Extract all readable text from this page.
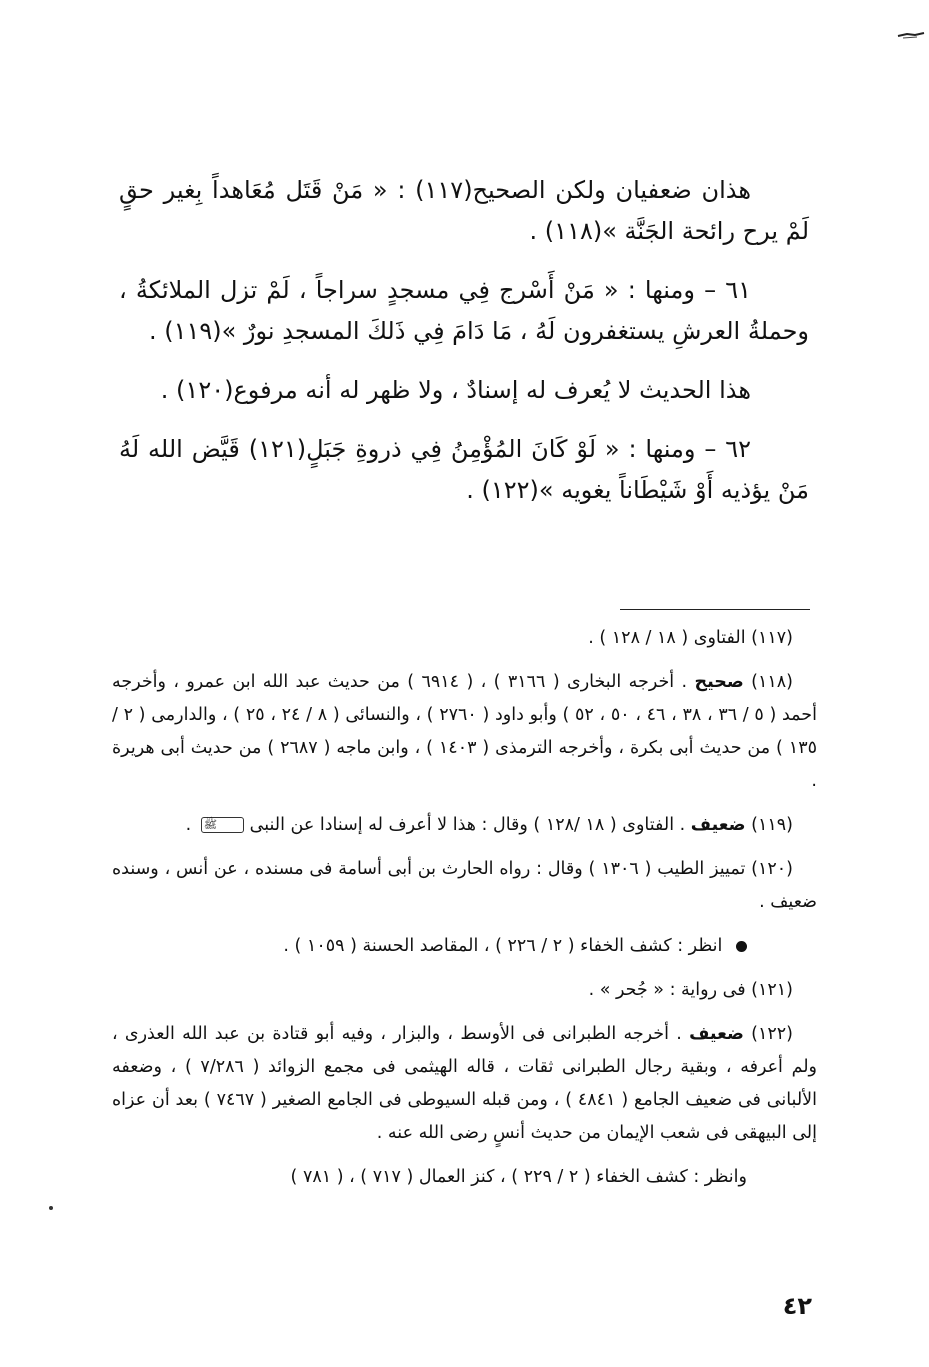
هذان ضعفيان ولكن الصحيح(١١٧) : « مَنْ قَتَل مُعَاهداً بِغير حقٍ لَمْ يرح رائحة الجَنَّة »(١١٨) .

٦١ – ومنها : « مَنْ أَسْرج فِي مسجدٍ سراجاً ، لَمْ تزل الملائكةُ ، وحملةُ العرشِ يستغفرون لَهُ ، مَا دَامَ فِي ذَلكَ المسجدِ نورٌ »(١١٩) .

هذا الحديث لا يُعرف له إسنادٌ ، ولا ظهر له أنه مرفوع(١٢٠) .

٦٢ – ومنها : « لَوْ كَانَ المُؤْمِنُ فِي ذروةِ جَبَلٍ(١٢١) قَيَّض الله لَهُ مَنْ يؤذيه أَوْ شَيْطَاناً يغويه »(١٢٢) .

(١١٧) الفتاوى ( ١٨ / ١٢٨ ) .
(١١٨) صحيح . أخرجه البخارى ( ٣١٦٦ ) ، ( ٦٩١٤ ) من حديث عبد الله ابن عمرو ، وأخرجه أحمد ( ٥ / ٣٦ ، ٣٨ ، ٤٦ ، ٥٠ ، ٥٢ ) وأبو داود ( ٢٧٦٠ ) ، والنسائى ( ٨ / ٢٤ ، ٢٥ ) ، والدارمى ( ٢ / ١٣٥ ) من حديث أبى بكرة ، وأخرجه الترمذى ( ١٤٠٣ ) ، وابن ماجه ( ٢٦٨٧ ) من حديث أبى هريرة .
(١١٩) ضعيف . الفتاوى ( ١٨ /١٢٨ ) وقال : هذا لا أعرف له إسنادا عن النبى ﷺ .
(١٢٠) تمييز الطيب ( ١٣٠٦ ) وقال : رواه الحارث بن أبى أسامة فى مسنده ، عن أنس ، وسنده ضعيف .
انظر : كشف الخفاء ( ٢ / ٢٢٦ ) ، المقاصد الحسنة ( ١٠٥٩ ) .
(١٢١) فى رواية : « جُحر » .
(١٢٢) ضعيف . أخرجه الطبرانى فى الأوسط ، والبزار ، وفيه أبو قتادة بن عبد الله العذرى ، ولم أعرفه ، وبقية رجال الطبرانى ثقات ، قاله الهيثمى فى مجمع الزوائد ( ٧/٢٨٦ ) ، وضعفه الألبانى فى ضعيف الجامع ( ٤٨٤١ ) ، ومن قبله السيوطى فى الجامع الصغير ( ٧٤٦٧ ) بعد أن عزاه إلى البيهقى فى شعب الإيمان من حديث أنسٍ رضى الله عنه .
وانظر : كشف الخفاء ( ٢ / ٢٢٩ ) ، كنز العمال ( ٧١٧ ) ، ( ٧٨١ )
٤٢
